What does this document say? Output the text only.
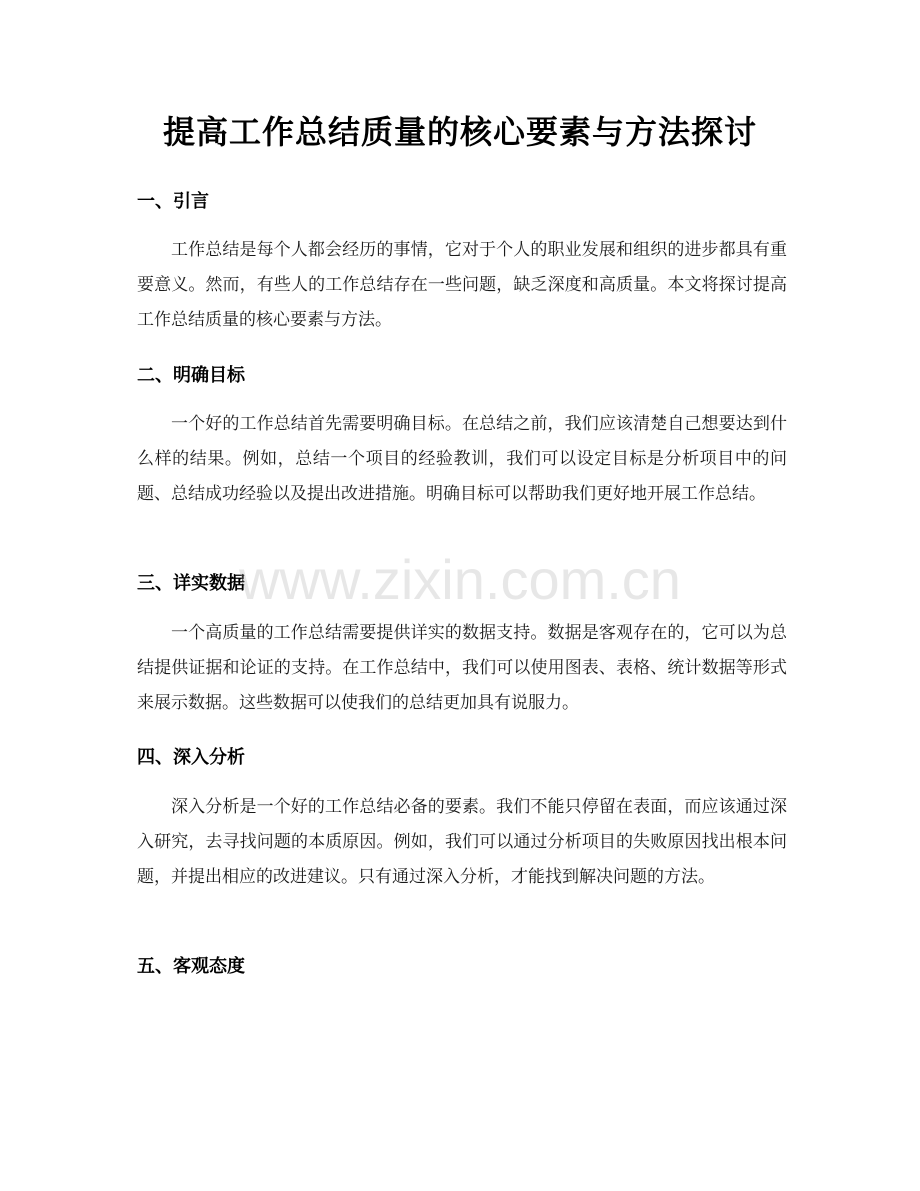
提高工作总结质量的核心要素与方法探讨
一、引言
工作总结是每个人都会经历的事情，它对于个人的职业发展和组织的进步都具有重要意义。然而，有些人的工作总结存在一些问题，缺乏深度和高质量。本文将探讨提高工作总结质量的核心要素与方法。
二、明确目标
一个好的工作总结首先需要明确目标。在总结之前，我们应该清楚自己想要达到什么样的结果。例如，总结一个项目的经验教训，我们可以设定目标是分析项目中的问题、总结成功经验以及提出改进措施。明确目标可以帮助我们更好地开展工作总结。
三、详实数据
一个高质量的工作总结需要提供详实的数据支持。数据是客观存在的，它可以为总结提供证据和论证的支持。在工作总结中，我们可以使用图表、表格、统计数据等形式来展示数据。这些数据可以使我们的总结更加具有说服力。
四、深入分析
深入分析是一个好的工作总结必备的要素。我们不能只停留在表面，而应该通过深入研究，去寻找问题的本质原因。例如，我们可以通过分析项目的失败原因找出根本问题，并提出相应的改进建议。只有通过深入分析，才能找到解决问题的方法。
五、客观态度
www.zixin.com.cn
